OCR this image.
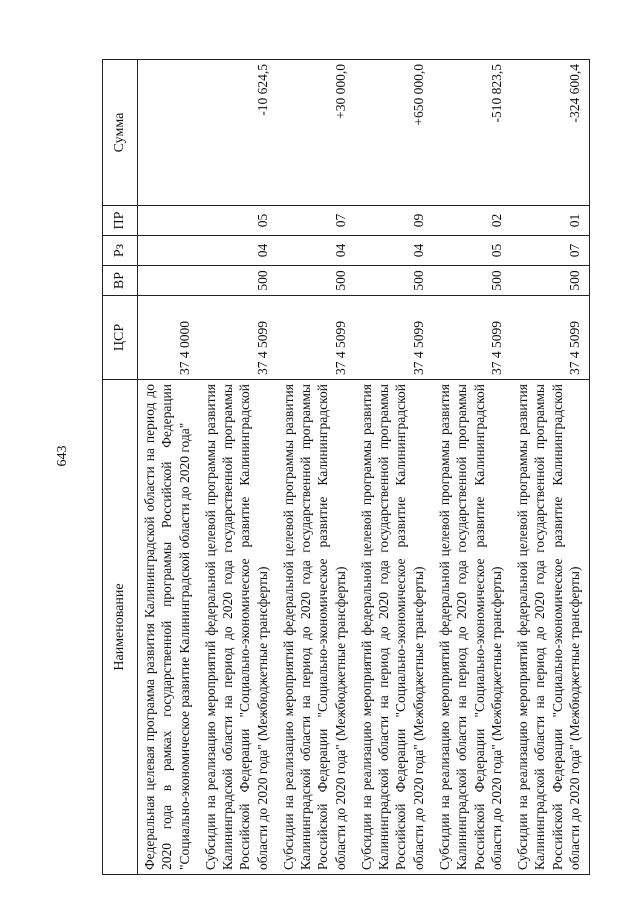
643
Наименование	ЦСР	ВР	Рз	ПР	Сумма
Федеральная целевая программа развития Калининградской области на период до 2020 года в рамках государственной программы Российской Федерации "Социально-экономическое развитие Калининградской области до 2020 года"	37 4 0000				
Субсидии на реализацию мероприятий федеральной целевой программы развития Калининградской области на период до 2020 года государственной программы Российской Федерации "Социально-экономическое развитие Калининградской области до 2020 года" (Межбюджетные трансферты)	37 4 5099	500	04	05	-10 624,5
Субсидии на реализацию мероприятий федеральной целевой программы развития Калининградской области на период до 2020 года государственной программы Российской Федерации "Социально-экономическое развитие Калининградской области до 2020 года" (Межбюджетные трансферты)	37 4 5099	500	04	07	+30 000,0
Субсидии на реализацию мероприятий федеральной целевой программы развития Калининградской области на период до 2020 года государственной программы Российской Федерации "Социально-экономическое развитие Калининградской области до 2020 года" (Межбюджетные трансферты)	37 4 5099	500	04	09	+650 000,0
Субсидии на реализацию мероприятий федеральной целевой программы развития Калининградской области на период до 2020 года государственной программы Российской Федерации "Социально-экономическое развитие Калининградской области до 2020 года" (Межбюджетные трансферты)	37 4 5099	500	05	02	-510 823,5
Субсидии на реализацию мероприятий федеральной целевой программы развития Калининградской области на период до 2020 года государственной программы Российской Федерации "Социально-экономическое развитие Калининградской области до 2020 года" (Межбюджетные трансферты)	37 4 5099	500	07	01	-324 600,4
